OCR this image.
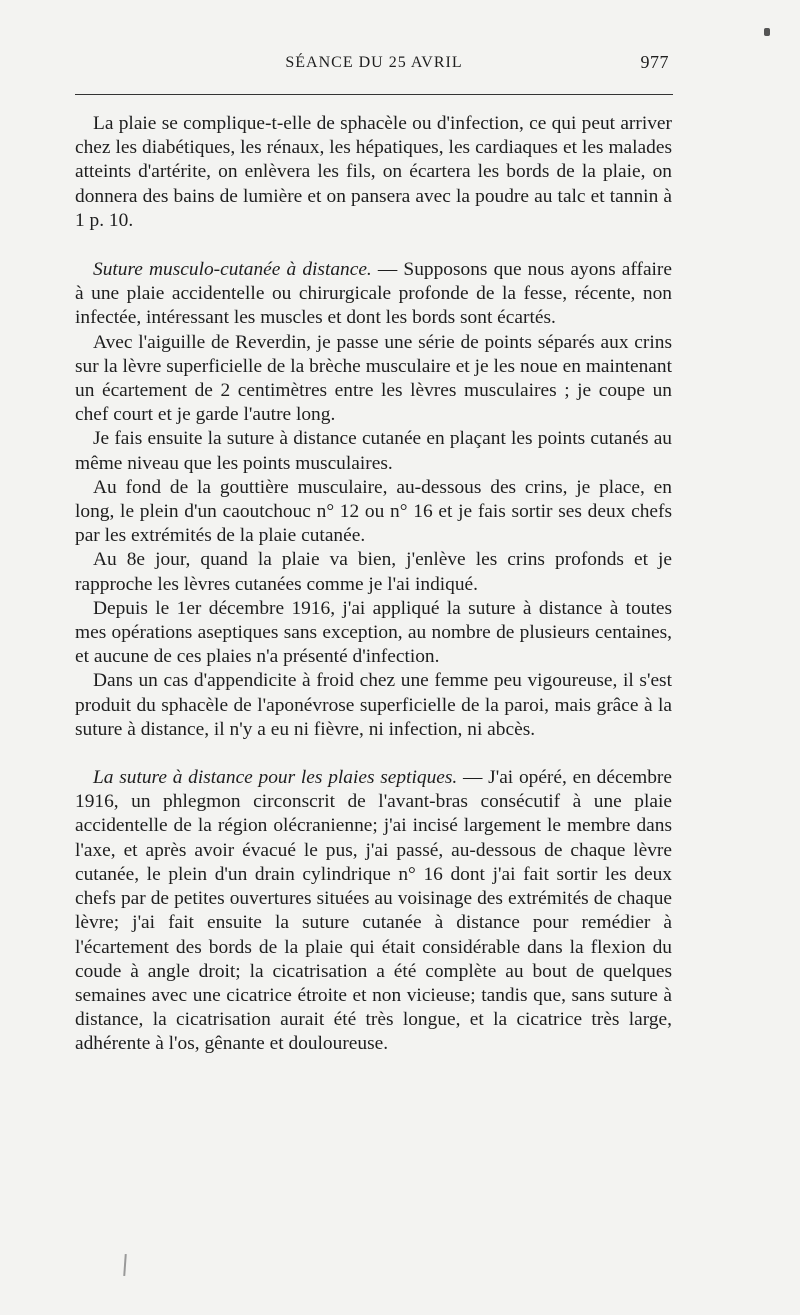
SÉANCE DU 25 AVRIL	977

La plaie se complique-t-elle de sphacèle ou d'infection, ce qui peut arriver chez les diabétiques, les rénaux, les hépatiques, les cardiaques et les malades atteints d'artérite, on enlèvera les fils, on écartera les bords de la plaie, on donnera des bains de lumière et on pansera avec la poudre au talc et tannin à 1 p. 10.

Suture musculo-cutanée à distance. — Supposons que nous ayons affaire à une plaie accidentelle ou chirurgicale profonde de la fesse, récente, non infectée, intéressant les muscles et dont les bords sont écartés.

Avec l'aiguille de Reverdin, je passe une série de points séparés aux crins sur la lèvre superficielle de la brèche musculaire et je les noue en maintenant un écartement de 2 centimètres entre les lèvres musculaires ; je coupe un chef court et je garde l'autre long.

Je fais ensuite la suture à distance cutanée en plaçant les points cutanés au même niveau que les points musculaires.

Au fond de la gouttière musculaire, au-dessous des crins, je place, en long, le plein d'un caoutchouc n° 12 ou n° 16 et je fais sortir ses deux chefs par les extrémités de la plaie cutanée.

Au 8e jour, quand la plaie va bien, j'enlève les crins profonds et je rapproche les lèvres cutanées comme je l'ai indiqué.

Depuis le 1er décembre 1916, j'ai appliqué la suture à distance à toutes mes opérations aseptiques sans exception, au nombre de plusieurs centaines, et aucune de ces plaies n'a présenté d'infection.

Dans un cas d'appendicite à froid chez une femme peu vigoureuse, il s'est produit du sphacèle de l'aponévrose superficielle de la paroi, mais grâce à la suture à distance, il n'y a eu ni fièvre, ni infection, ni abcès.

La suture à distance pour les plaies septiques. — J'ai opéré, en décembre 1916, un phlegmon circonscrit de l'avant-bras consécutif à une plaie accidentelle de la région olécranienne; j'ai incisé largement le membre dans l'axe, et après avoir évacué le pus, j'ai passé, au-dessous de chaque lèvre cutanée, le plein d'un drain cylindrique n° 16 dont j'ai fait sortir les deux chefs par de petites ouvertures situées au voisinage des extrémités de chaque lèvre; j'ai fait ensuite la suture cutanée à distance pour remédier à l'écartement des bords de la plaie qui était considérable dans la flexion du coude à angle droit; la cicatrisation a été complète au bout de quelques semaines avec une cicatrice étroite et non vicieuse; tandis que, sans suture à distance, la cicatrisation aurait été très longue, et la cicatrice très large, adhérente à l'os, gênante et douloureuse.
